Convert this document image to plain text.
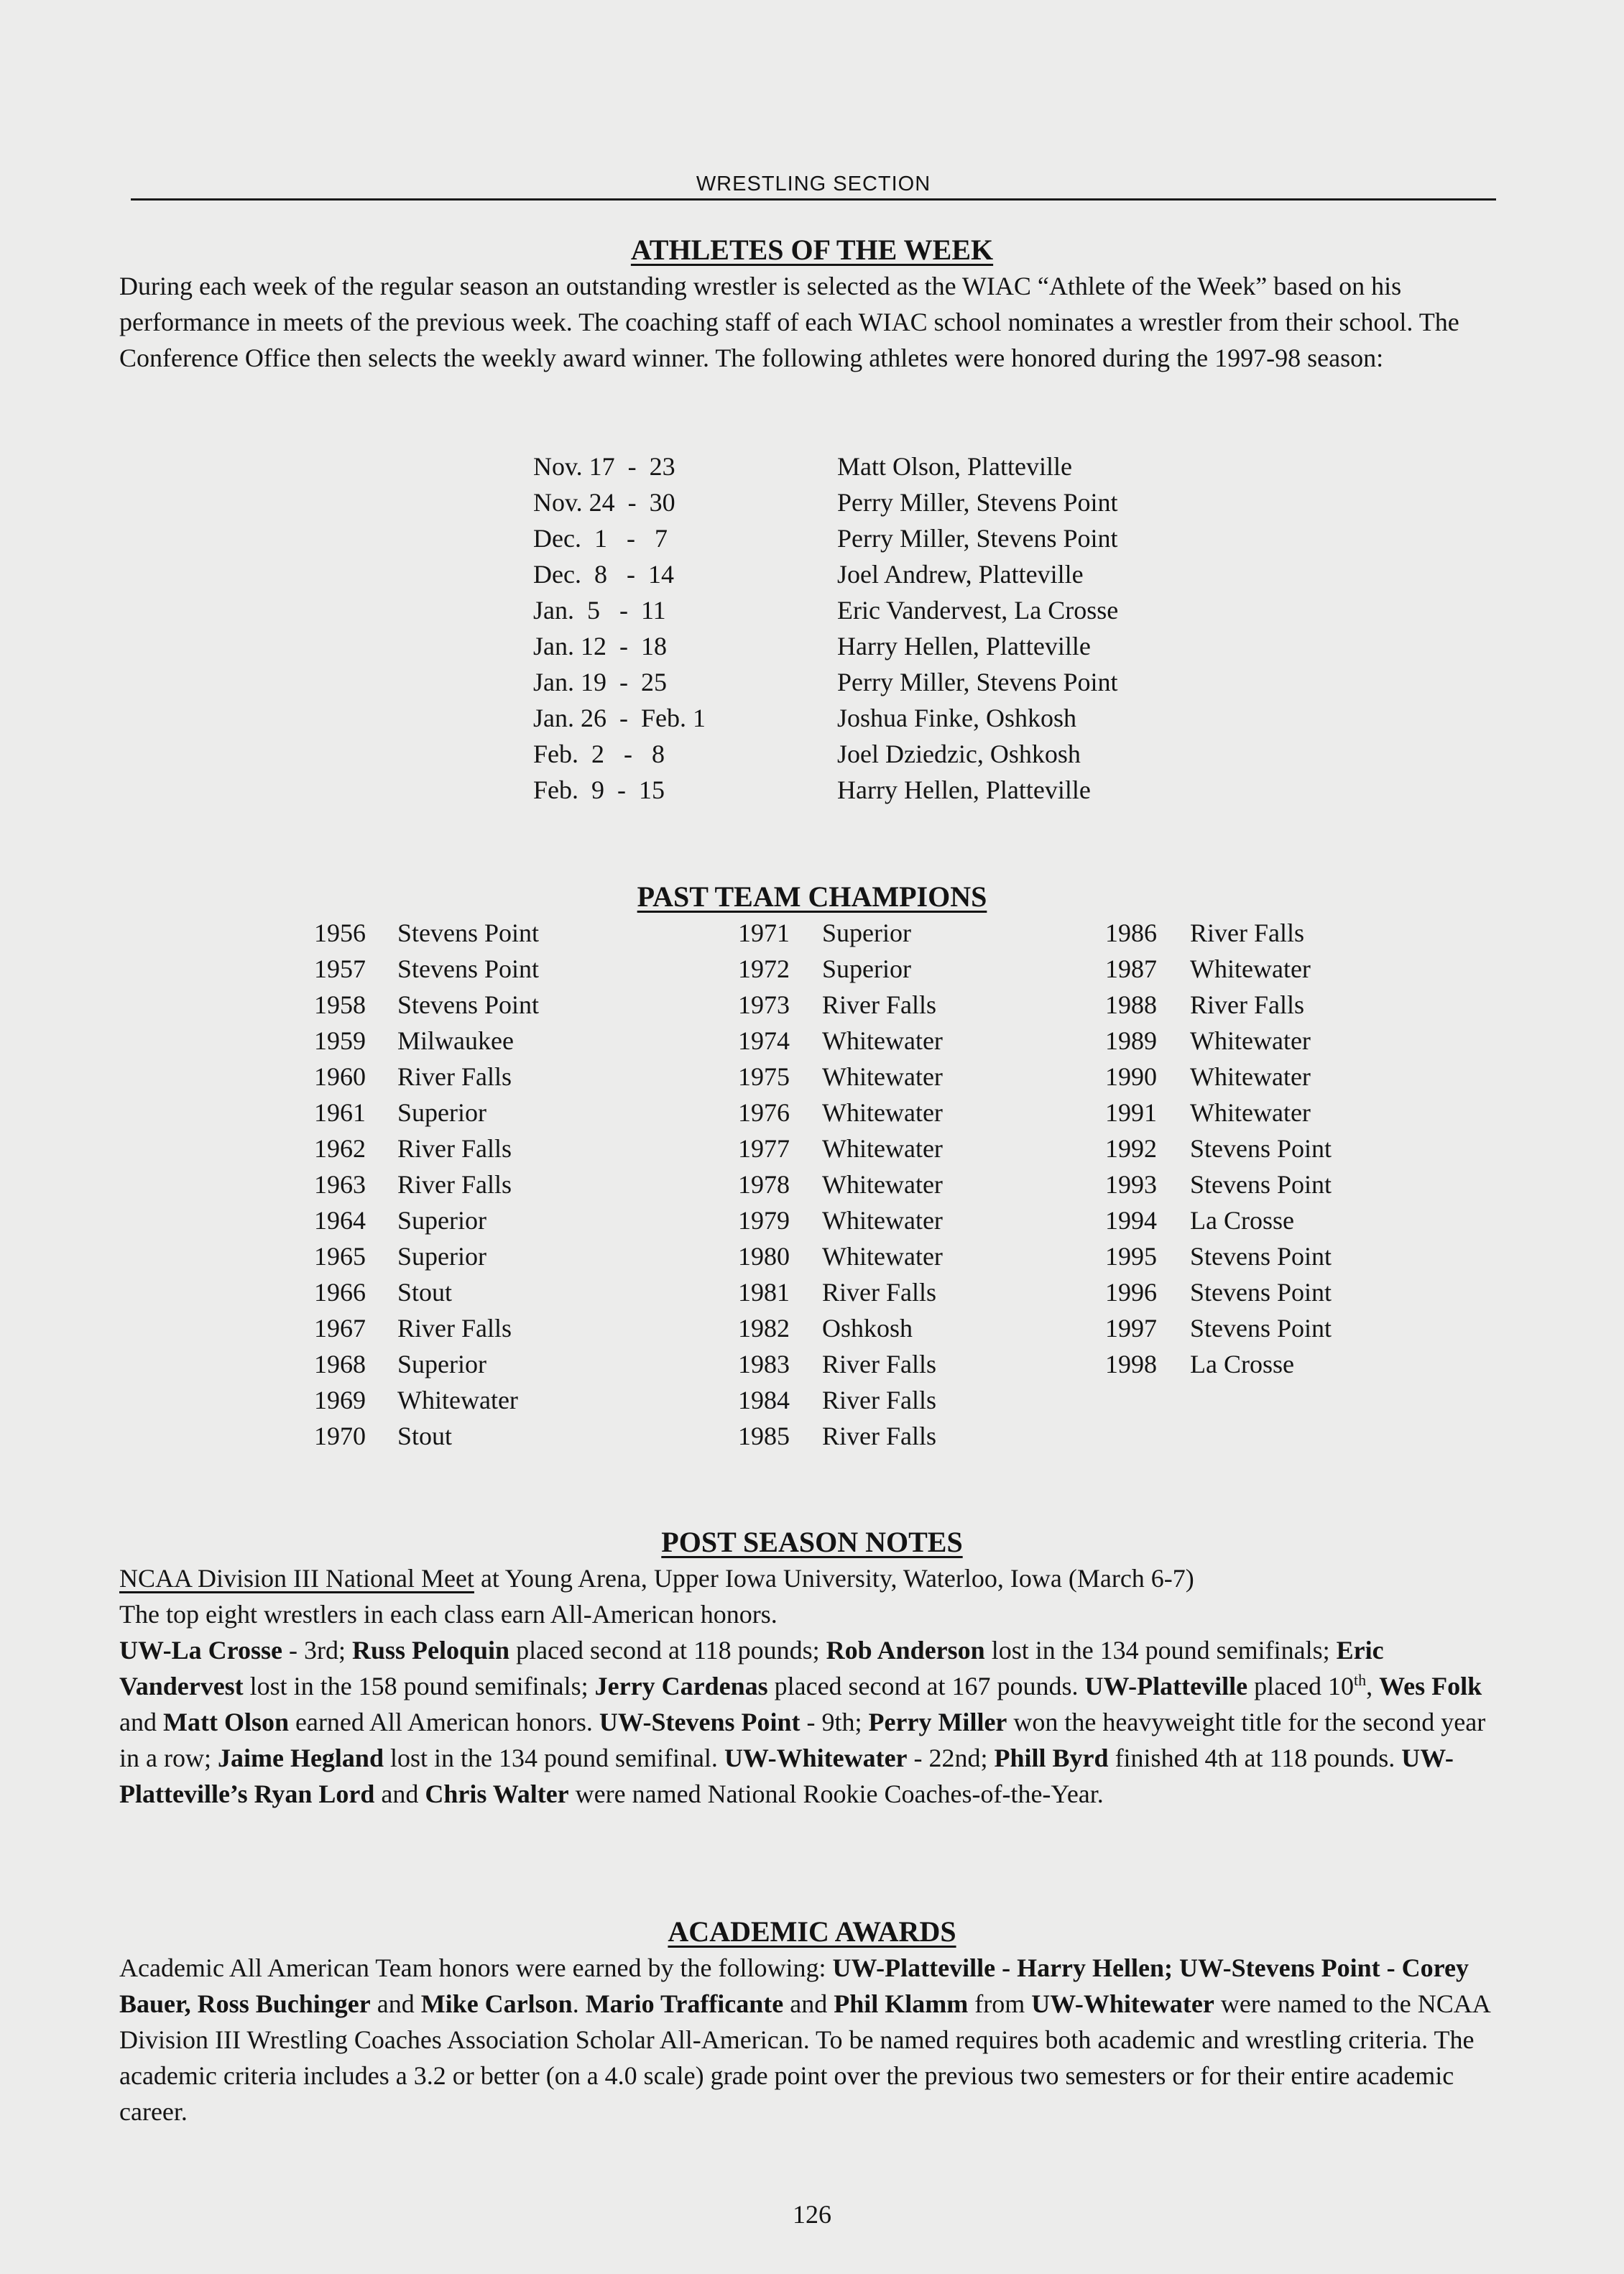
WRESTLING SECTION
ATHLETES OF THE WEEK
During each week of the regular season an outstanding wrestler is selected as the WIAC “Athlete of the Week” based on his performance in meets of the previous week. The coaching staff of each WIAC school nominates a wrestler from their school. The Conference Office then selects the weekly award winner. The following athletes were honored during the 1997-98 season:
Nov. 17  -  23	Matt Olson, Platteville
Nov. 24  -  30	Perry Miller, Stevens Point
Dec.  1   -   7	Perry Miller, Stevens Point
Dec.  8   -  14	Joel Andrew, Platteville
Jan.  5   -  11	Eric Vandervest, La Crosse
Jan. 12  -  18	Harry Hellen, Platteville
Jan. 19  -  25	Perry Miller, Stevens Point
Jan. 26  -  Feb. 1	Joshua Finke, Oshkosh
Feb.  2   -   8	Joel Dziedzic, Oshkosh
Feb.  9  -  15	Harry Hellen, Platteville
PAST TEAM CHAMPIONS
1956 Stevens Point	1971 Superior	1986 River Falls
1957 Stevens Point	1972 Superior	1987 Whitewater
1958 Stevens Point	1973 River Falls	1988 River Falls
1959 Milwaukee	1974 Whitewater	1989 Whitewater
1960 River Falls	1975 Whitewater	1990 Whitewater
1961 Superior	1976 Whitewater	1991 Whitewater
1962 River Falls	1977 Whitewater	1992 Stevens Point
1963 River Falls	1978 Whitewater	1993 Stevens Point
1964 Superior	1979 Whitewater	1994 La Crosse
1965 Superior	1980 Whitewater	1995 Stevens Point
1966 Stout	1981 River Falls	1996 Stevens Point
1967 River Falls	1982 Oshkosh	1997 Stevens Point
1968 Superior	1983 River Falls	1998 La Crosse
1969 Whitewater	1984 River Falls
1970 Stout	1985 River Falls
POST SEASON NOTES
NCAA Division III National Meet at Young Arena, Upper Iowa University, Waterloo, Iowa (March 6-7)
The top eight wrestlers in each class earn All-American honors.
UW-La Crosse - 3rd; Russ Peloquin placed second at 118 pounds; Rob Anderson lost in the 134 pound semifinals; Eric Vandervest lost in the 158 pound semifinals; Jerry Cardenas placed second at 167 pounds. UW-Platteville placed 10th, Wes Folk and Matt Olson earned All American honors. UW-Stevens Point - 9th; Perry Miller won the heavyweight title for the second year in a row; Jaime Hegland lost in the 134 pound semifinal. UW-Whitewater - 22nd; Phill Byrd finished 4th at 118 pounds. UW-Platteville’s Ryan Lord and Chris Walter were named National Rookie Coaches-of-the-Year.
ACADEMIC AWARDS
Academic All American Team honors were earned by the following: UW-Platteville - Harry Hellen; UW-Stevens Point - Corey Bauer, Ross Buchinger and Mike Carlson. Mario Trafficante and Phil Klamm from UW-Whitewater were named to the NCAA Division III Wrestling Coaches Association Scholar All-American. To be named requires both academic and wrestling criteria. The academic criteria includes a 3.2 or better (on a 4.0 scale) grade point over the previous two semesters or for their entire academic career.
126
